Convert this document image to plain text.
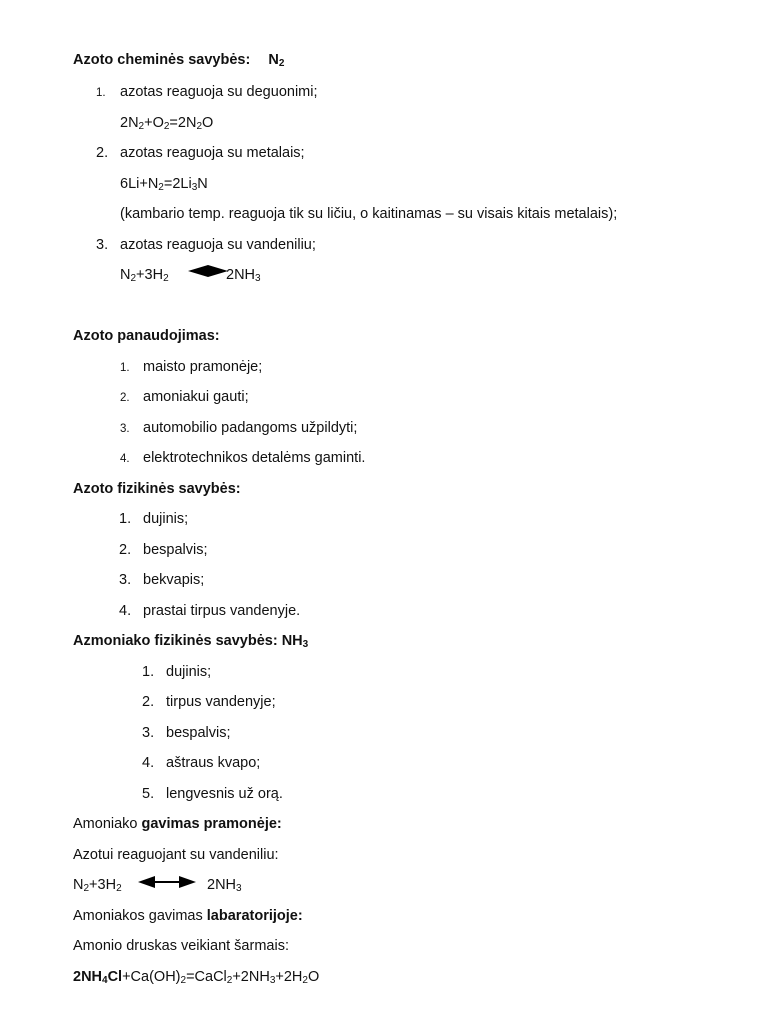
Azoto cheminės savybės: $N_2$
1. azotas reaguoja su deguonimi;
$2N_2+O_2=2N_2O$
2. azotas reaguoja su metalais;
$6Li+N_2=2Li_3N$
(kambario temp. reaguoja tik su ličiu, o kaitinamas – su visais kitais metalais);
3. azotas reaguoja su vandeniliu;
$N_2+3H_2$	$2NH_3$
Azoto panaudojimas:
1. maisto pramonėje;
2. amoniakui gauti;
3. automobilio padangoms užpildyti;
4. elektrotechnikos detalėms gaminti.
Azoto fizikinės savybės:
1. dujinis;
2. bespalvis;
3. bekvapis;
4. prastai tirpus vandenyje.
Azmoniako fizikinės savybės: $NH_3$
1. dujinis;
2. tirpus vandenyje;
3. bespalvis;
4. aštraus kvapo;
5. lengvesnis už orą.
Amoniako gavimas pramonėje:
Azotui reaguojant su vandeniliu:
$N_2+3H_2$	$2NH_3$
Amoniakos gavimas labaratorijoje:
Amonio druskas veikiant šarmais:
$2NH_4Cl+Ca(OH)_2=CaCl_2+2NH_3+2H_2O$
